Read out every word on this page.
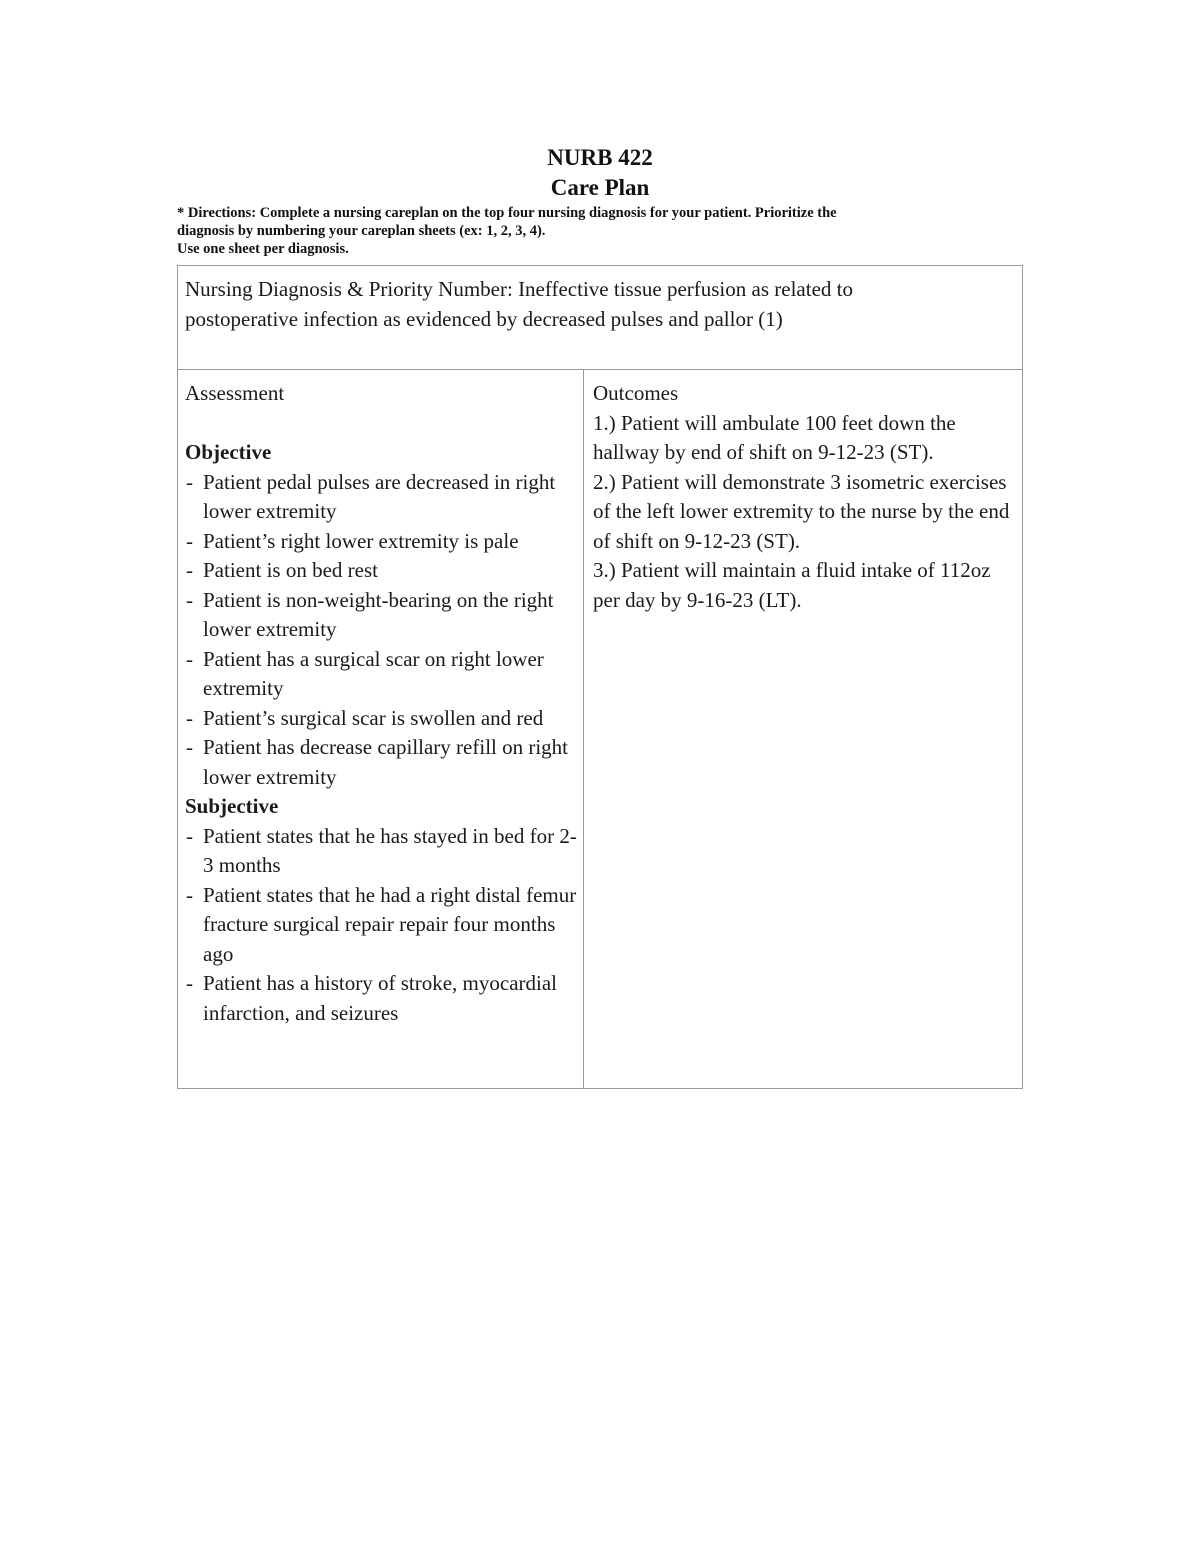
NURB 422
Care Plan
* Directions: Complete a nursing careplan on the top four nursing diagnosis for your patient. Prioritize the
diagnosis by numbering your careplan sheets (ex: 1, 2, 3, 4).
Use one sheet per diagnosis.
Nursing Diagnosis & Priority Number: Ineffective tissue perfusion as related to
postoperative infection as evidenced by decreased pulses and pallor (1)
Assessment
Objective
- Patient pedal pulses are decreased in right lower extremity
- Patient’s right lower extremity is pale
- Patient is on bed rest
- Patient is non-weight-bearing on the right lower extremity
- Patient has a surgical scar on right lower extremity
- Patient’s surgical scar is swollen and red
- Patient has decrease capillary refill on right lower extremity
Subjective
- Patient states that he has stayed in bed for 2-3 months
- Patient states that he had a right distal femur fracture surgical repair repair four months ago
- Patient has a history of stroke, myocardial infarction, and seizures
Outcomes
1.) Patient will ambulate 100 feet down the hallway by end of shift on 9-12-23 (ST).
2.) Patient will demonstrate 3 isometric exercises of the left lower extremity to the nurse by the end of shift on 9-12-23 (ST).
3.) Patient will maintain a fluid intake of 112oz per day by 9-16-23 (LT).
